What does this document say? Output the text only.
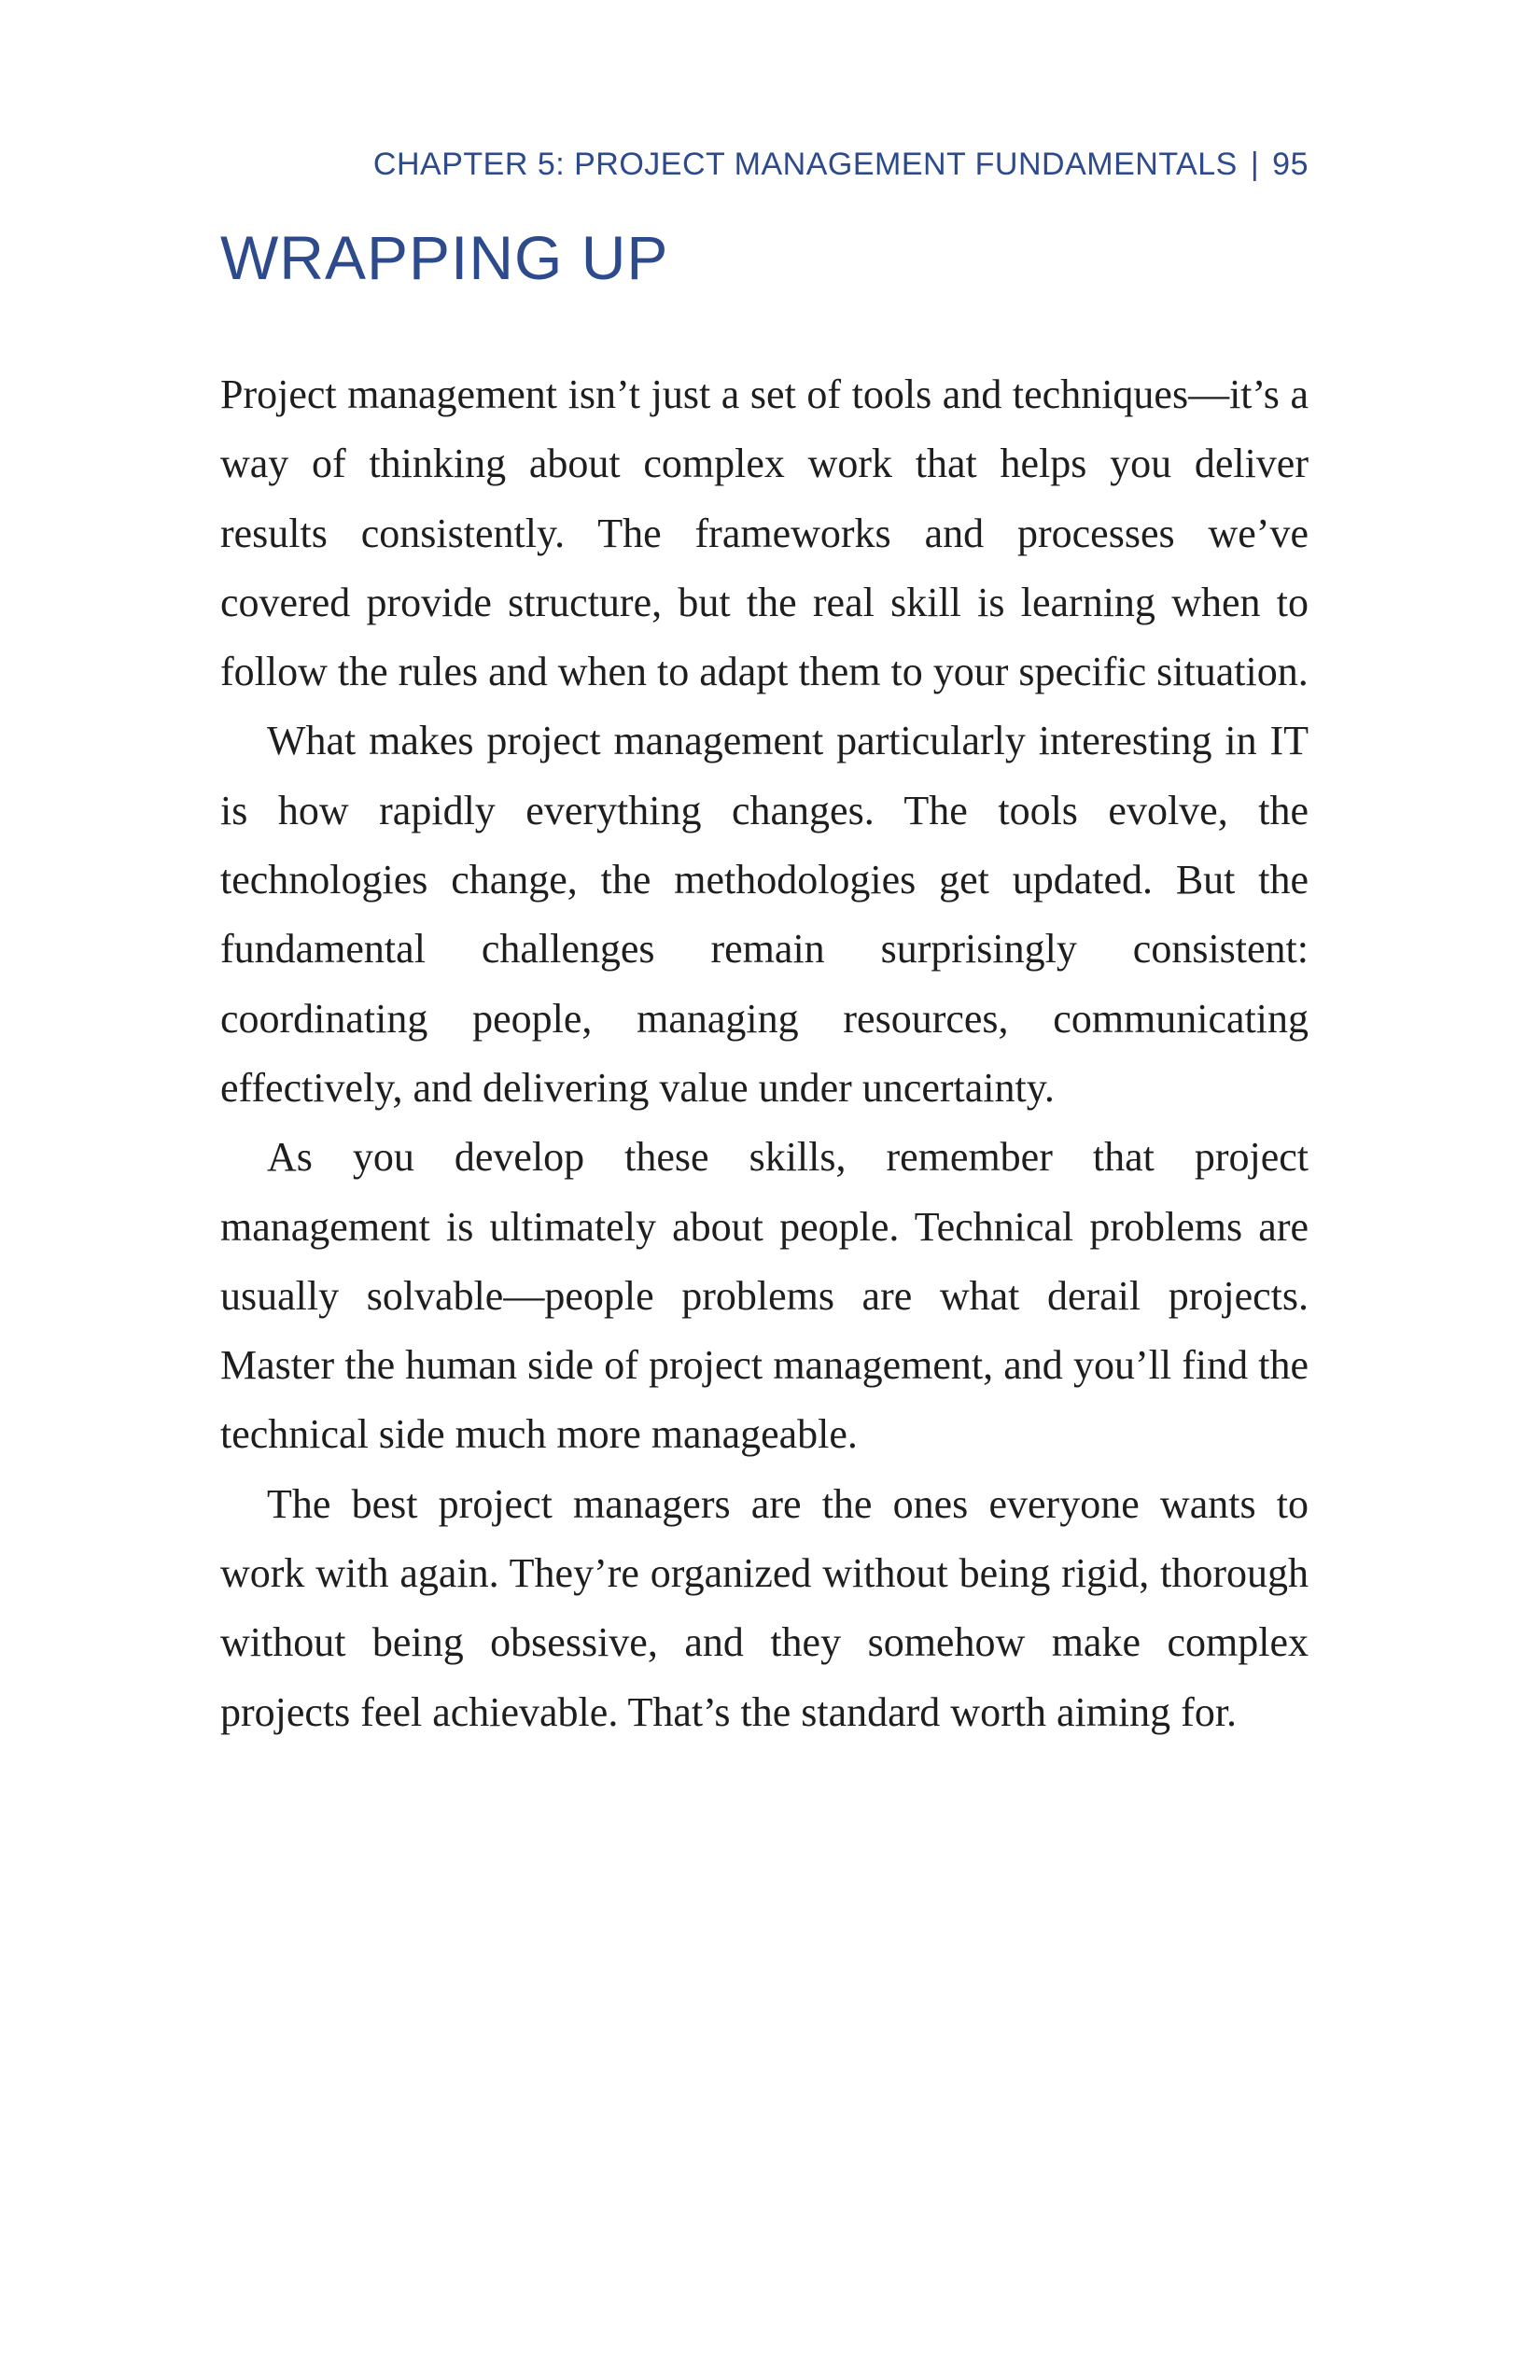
CHAPTER 5: PROJECT MANAGEMENT FUNDAMENTALS | 95
WRAPPING UP

Project management isn’t just a set of tools and techniques—it’s a way of thinking about complex work that helps you deliver results consistently. The frameworks and processes we’ve covered provide structure, but the real skill is learning when to follow the rules and when to adapt them to your specific situation.

What makes project management particularly interesting in IT is how rapidly everything changes. The tools evolve, the technologies change, the methodologies get updated. But the fundamental challenges remain surprisingly consistent: coordinating people, managing resources, communicating effectively, and delivering value under uncertainty.

As you develop these skills, remember that project management is ultimately about people. Technical problems are usually solvable—people problems are what derail projects. Master the human side of project management, and you’ll find the technical side much more manageable.

The best project managers are the ones everyone wants to work with again. They’re organized without being rigid, thorough without being obsessive, and they somehow make complex projects feel achievable. That’s the standard worth aiming for.
